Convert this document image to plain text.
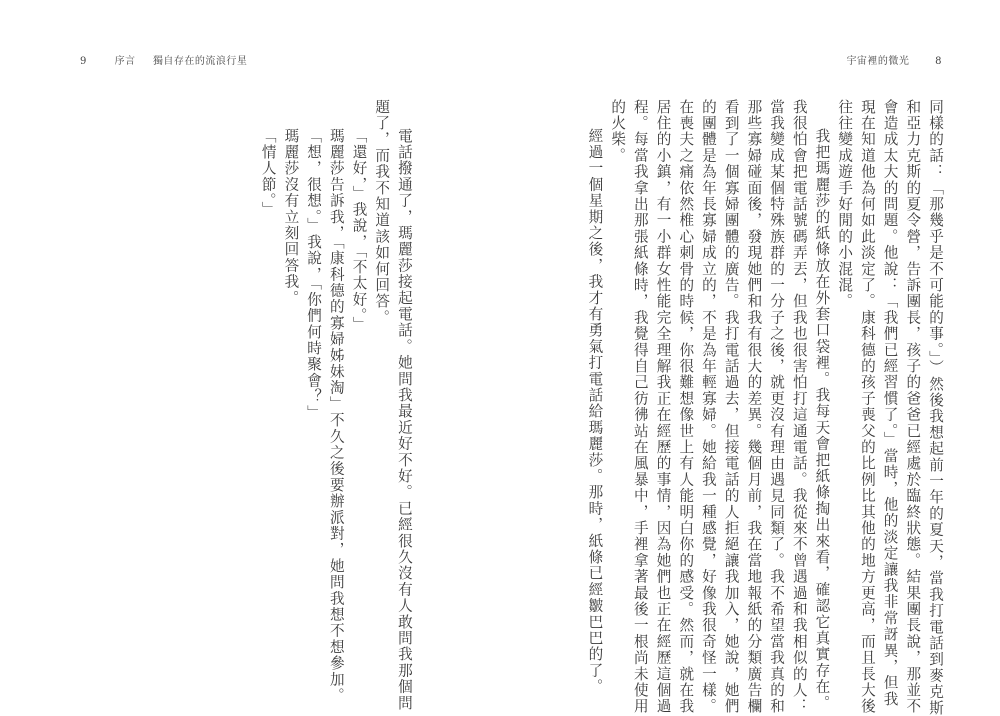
9	序言 獨自存在的流浪行星	宇宙裡的微光	8
同樣的話：「那幾乎是不可能的事。」）然後我想起前一年的夏天，當我打電話到麥克斯
和亞力克斯的夏令營，告訴團長，孩子的爸爸已經處於臨終狀態。結果團長說，那並不
會造成太大的問題。他說：「我們已經習慣了。」當時，他的淡定讓我非常訝異，但我
現在知道他為何如此淡定了。康科德的孩子喪父的比例比其他的地方更高，而且長大後
往往變成遊手好閒的小混混。
我把瑪麗莎的紙條放在外套口袋裡。我每天會把紙條掏出來看，確認它真實存在。
我很怕會把電話號碼弄丟，但我也很害怕打這通電話。我從來不曾遇過和我相似的人：
當我變成某個特殊族群的一分子之後，就更沒有理由遇見同類了。我不希望當我真的和
那些寡婦碰面後，發現她們和我有很大的差異。幾個月前，我在當地報紙的分類廣告欄
看到了一個寡婦團體的廣告。我打電話過去，但接電話的人拒絕讓我加入，她說，她們
的團體是為年長寡婦成立的，不是為年輕寡婦。她給我一種感覺，好像我很奇怪一樣。
在喪夫之痛依然椎心刺骨的時候，你很難想像世上有人能明白你的感受。然而，就在我
居住的小鎮，有一小群女性能完全理解我正在經歷的事情，因為她們也正在經歷這個過
程。每當我拿出那張紙條時，我覺得自己彷彿站在風暴中，手裡拿著最後一根尚未使用
的火柴。
經過一個星期之後，我才有勇氣打電話給瑪麗莎。那時，紙條已經皺巴巴的了。
電話撥通了，瑪麗莎接起電話。她問我最近好不好。已經很久沒有人敢問我那個問
題了，而我不知道該如何回答。
「還好，」我說，「不太好。」
瑪麗莎告訴我，「康科德的寡婦姊妹淘」不久之後要辦派對，她問我想不想參加。
「想，很想。」我說，「你們何時聚會？」
瑪麗莎沒有立刻回答我。
「情人節。」
